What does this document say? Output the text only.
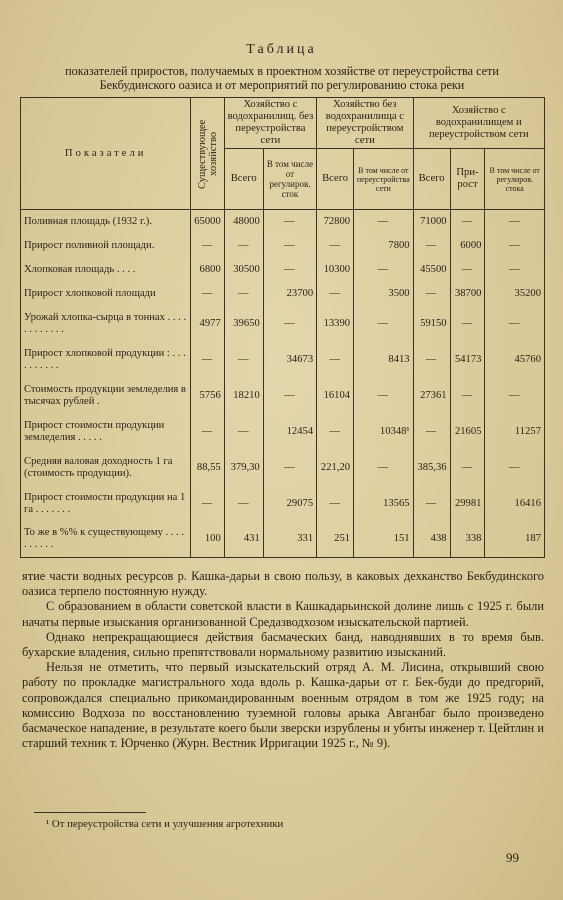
Таблица
показателей приростов, получаемых в проектном хозяйстве от переустройства сети
Бекбудинского оазиса и от мероприятий по регулированию стока реки
Показатели	Существующее хозяйство	Хозяйство с водохранилищ. без переустройства сети		Хозяйство без водохранилища с переустройством сети		Хозяйство с водохранилищем и переустройством сети		
		Всего	В том числе от регулиров. сток	Всего	В том числе от переустройства сети	Всего	Прирост	В том числе от регулиров. стока
Поливная площадь (1932 г.).	65000	48000	—	72800	—	71000	—	—
Прирост поливной площади.	—	—	—	—	7800	—	6000	—
Хлопковая площадь . . . .	6800	30500	—	10300	—	45500	—	—
Прирост хлопковой площади	—	—	23700	—	3500	—	38700	35200
Урожай хлопка-сырца в тоннах . . . . . . . . . . . .	4977	39650	—	13390	—	59150	—	—
Прирост хлопковой продукции : . . . . . . . . . .	—	—	34673	—	8413	—	54173	45760
Стоимость продукции земледелия в тысячах рублей .	5756	18210	—	16104	—	27361	—	—
Прирост стоимости продукции земледелия . . . . .	—	—	12454	—	10348¹	—	21605	11257
Средняя валовая доходность 1 га (стоимость продукции).	88,55	379,30	—	221,20	—	385,36	—	—
Прирост стоимости продукции на 1 га . . . . . . .	—	—	29075	—	13565	—	29981	16416
То же в %% к существующему . . . . . . . . . .	100	431	331	251	151	438	338	187

ятие части водных ресурсов р. Кашка-дарьи в свою пользу, в каковых дехканство Бекбудинского оазиса терпело постоянную нужду.

С образованием в области советской власти в Кашкадарьинской долине лишь с 1925 г. были начаты первые изыскания организованной Средазводхозом изыскательской партией.

Однако непрекращающиеся действия басмаческих банд, наводнявших в то время быв. бухарские владения, сильно препятствовали нормальному развитию изысканий.

Нельзя не отметить, что первый изыскательский отряд А. М. Лисина, открывший свою работу по прокладке магистрального хода вдоль р. Кашка-дарьи от г. Бек-буди до предгорий, сопровождался специально прикомандированным военным отрядом в том же 1925 году; на комиссию Водхоза по восстановлению туземной головы арыка Авганбаг было произведено басмаческое нападение, в результате коего были зверски изрублены и убиты инженер т. Цейтлин и старший техник т. Юрченко (Журн. Вестник Ирригации 1925 г., № 9).

¹ От переустройства сети и улучшения агротехники
99
